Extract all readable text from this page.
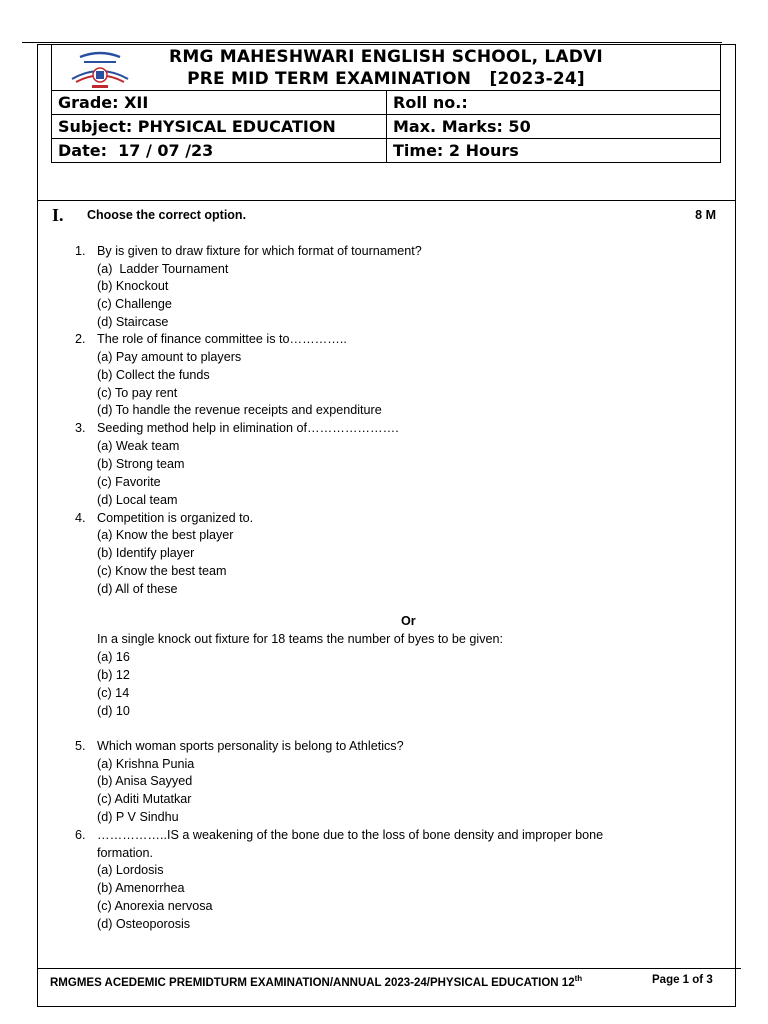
RMG MAHESHWARI ENGLISH SCHOOL, LADVI
PRE MID TERM EXAMINATION   [2023-24]	

Grade: XII	Roll no.:
Subject: PHYSICAL EDUCATION	Max. Marks: 50
Date:  17 / 07 /23	Time: 2 Hours
I. Choose the correct option.	8 M
1. By is given to draw fixture for which format of tournament?
(a)  Ladder Tournament
(b) Knockout
(c) Challenge
(d) Staircase
2. The role of finance committee is to…………..
(a) Pay amount to players
(b) Collect the funds
(c) To pay rent
(d) To handle the revenue receipts and expenditure
3. Seeding method help in elimination of………………….
(a) Weak team
(b) Strong team
(c) Favorite
(d) Local team
4. Competition is organized to.
(a) Know the best player
(b) Identify player
(c) Know the best team
(d) All of these
Or
In a single knock out fixture for 18 teams the number of byes to be given:
(a) 16
(b) 12
(c) 14
(d) 10
5. Which woman sports personality is belong to Athletics?
(a) Krishna Punia
(b) Anisa Sayyed
(c) Aditi Mutatkar
(d) P V Sindhu
6. ……………..IS a weakening of the bone due to the loss of bone density and improper bone
formation.
(a) Lordosis
(b) Amenorrhea
(c) Anorexia nervosa
(d) Osteoporosis
RMGMES ACEDEMIC PREMIDTURM EXAMINATION/ANNUAL 2023-24/PHYSICAL EDUCATION 12th	Page 1 of 3
